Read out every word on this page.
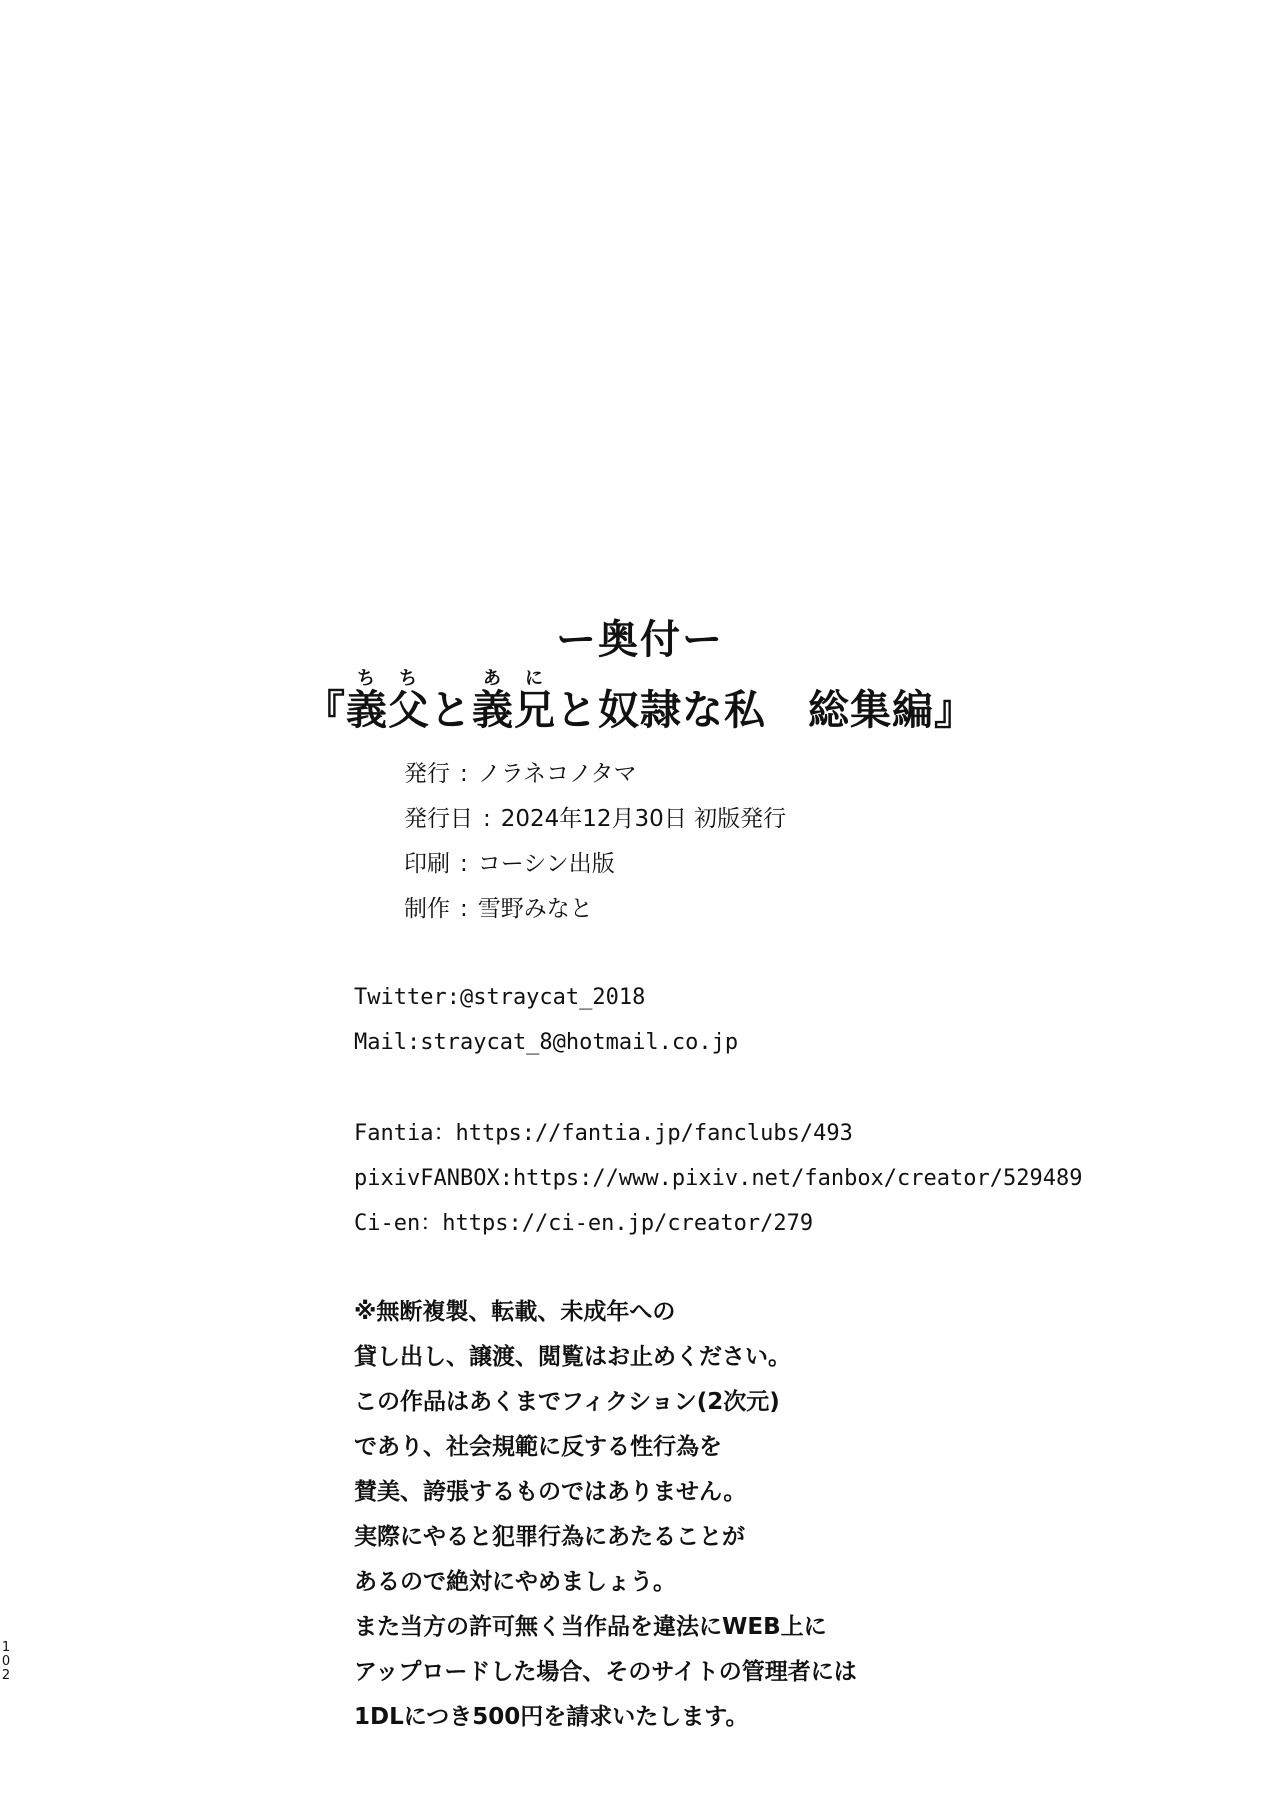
ー奥付ー
『義父ちちと義兄あにと奴隷な私　総集編』
発行 : ノラネコノタマ
発行日 : 2024年12月30日 初版発行
印刷 : コーシン出版
制作 : 雪野みなと
Twitter:@straycat_2018
Mail:straycat_8@hotmail.co.jp
Fantia：https://fantia.jp/fanclubs/493
pixivFANBOX:https://www.pixiv.net/fanbox/creator/529489
Ci-en：https://ci-en.jp/creator/279
※無断複製、転載、未成年への
貸し出し、譲渡、閲覧はお止めください。
この作品はあくまでフィクション(2次元)
であり、社会規範に反する性行為を
賛美、誇張するものではありません。
実際にやると犯罪行為にあたることが
あるので絶対にやめましょう。
また当方の許可無く当作品を違法にWEB上に
アップロードした場合、そのサイトの管理者には
1DLにつき500円を請求いたします。
1
0
2
